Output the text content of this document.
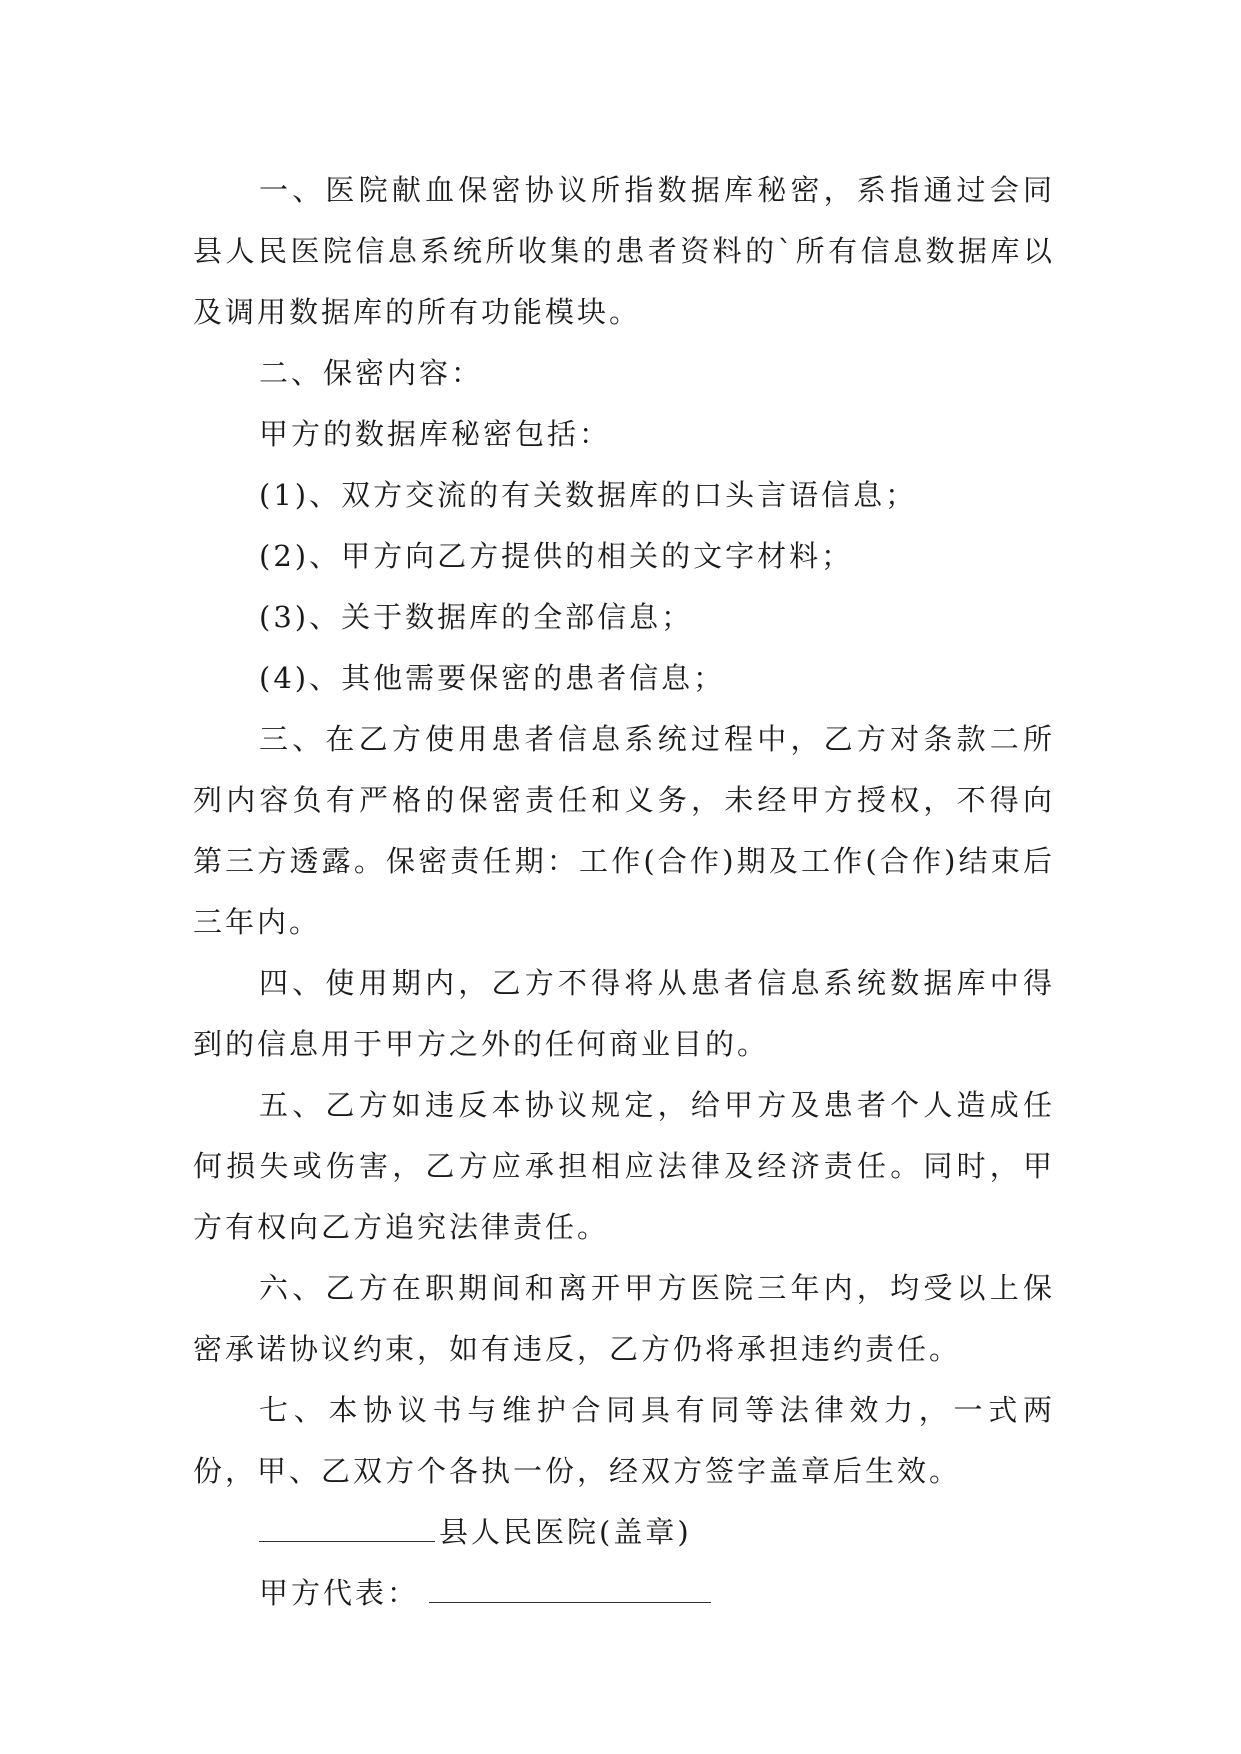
一、医院献血保密协议所指数据库秘密，系指通过会同县人民医院信息系统所收集的患者资料的`所有信息数据库以及调用数据库的所有功能模块。

二、保密内容：

甲方的数据库秘密包括：

(1)、双方交流的有关数据库的口头言语信息；

(2)、甲方向乙方提供的相关的文字材料；

(3)、关于数据库的全部信息；

(4)、其他需要保密的患者信息；

三、在乙方使用患者信息系统过程中，乙方对条款二所列内容负有严格的保密责任和义务，未经甲方授权，不得向第三方透露。保密责任期：工作(合作)期及工作(合作)结束后三年内。

四、使用期内，乙方不得将从患者信息系统数据库中得到的信息用于甲方之外的任何商业目的。

五、乙方如违反本协议规定，给甲方及患者个人造成任何损失或伤害，乙方应承担相应法律及经济责任。同时，甲方有权向乙方追究法律责任。

六、乙方在职期间和离开甲方医院三年内，均受以上保密承诺协议约束，如有违反，乙方仍将承担违约责任。

七、本协议书与维护合同具有同等法律效力，一式两份，甲、乙双方个各执一份，经双方签字盖章后生效。

县人民医院(盖章)

甲方代表：
